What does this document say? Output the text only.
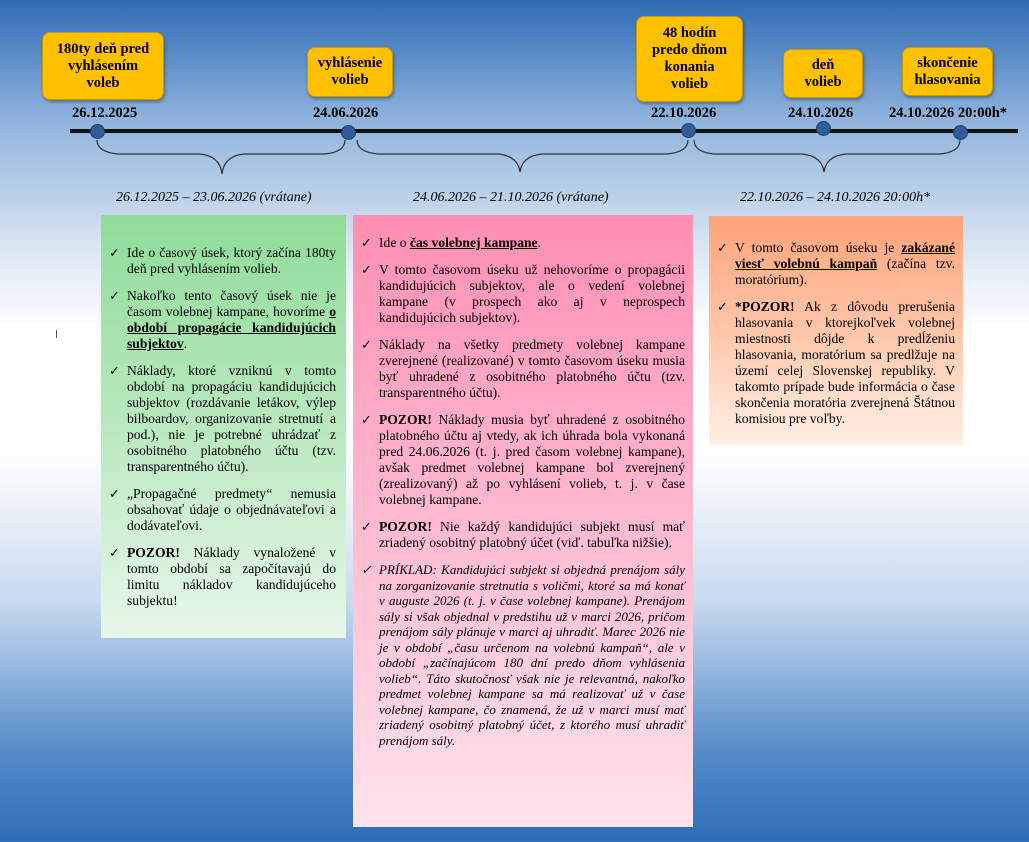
180ty deň pred
vyhlásením
voleb
vyhlásenie
volieb
48 hodín
predo dňom
konania
volieb
deň
volieb
skončenie
hlasovania
26.12.2025	24.06.2026	22.10.2026	24.10.2026 24.10.2026 20:00h*
26.12.2025 – 23.06.2026 (vrátane)	24.06.2026 – 21.10.2026 (vrátane)	22.10.2026 – 24.10.2026 20:00h*
✓ Ide o časový úsek, ktorý začína 180ty deň pred vyhlásením volieb.
✓ Nakoľko tento časový úsek nie je časom volebnej kampane, hovoríme o období propagácie kandidujúcich subjektov.
✓ Náklady, ktoré vzniknú v tomto období na propagáciu kandidujúcich subjektov (rozdávanie letákov, výlep bilboardov, organizovanie stretnutí a pod.), nie je potrebné uhrádzať z osobitného platobného účtu (tzv. transparentného účtu).
✓ „Propagačné predmety“ nemusia obsahovať údaje o objednávateľovi a dodávateľovi.
✓ POZOR! Náklady vynaložené v tomto období sa započítavajú do limitu nákladov kandidujúceho subjektu!
✓ Ide o čas volebnej kampane.
✓ V tomto časovom úseku už nehovoríme o propagácii kandidujúcich subjektov, ale o vedení volebnej kampane (v prospech ako aj v neprospech kandidujúcich subjektov).
✓ Náklady na všetky predmety volebnej kampane zverejnené (realizované) v tomto časovom úseku musia byť uhradené z osobitného platobného účtu (tzv. transparentného účtu).
✓ POZOR! Náklady musia byť uhradené z osobitného platobného účtu aj vtedy, ak ich úhrada bola vykonaná pred 24.06.2026 (t. j. pred časom volebnej kampane), avšak predmet volebnej kampane bol zverejnený (zrealizovaný) až po vyhlásení volieb, t. j. v čase volebnej kampane.
✓ POZOR! Nie každý kandidujúci subjekt musí mať zriadený osobitný platobný účet (viď. tabuľka nižšie).
✓ PRÍKLAD: Kandidujúci subjekt si objedná prenájom sály na zorganizovanie stretnutia s voličmi, ktoré sa má konať v auguste 2026 (t. j. v čase volebnej kampane). Prenájom sály si však objednal v predstihu už v marci 2026, pričom prenájom sály plánuje v marci aj uhradiť. Marec 2026 nie je v období „času určenom na volebnú kampaň“, ale v období „začínajúcom 180 dní predo dňom vyhlásenia volieb“. Táto skutočnosť však nie je relevantná, nakoľko predmet volebnej kampane sa má realizovať už v čase volebnej kampane, čo znamená, že už v marci musí mať zriadený osobitný platobný účet, z ktorého musí uhradiť prenájom sály.
✓ V tomto časovom úseku je zakázané viesť volebnú kampaň (začína tzv. moratórium).
✓ *POZOR! Ak z dôvodu prerušenia hlasovania v ktorejkoľvek volebnej miestnosti dôjde k predĺženiu hlasovania, moratórium sa predlžuje na území celej Slovenskej republiky. V takomto prípade bude informácia o čase skončenia moratória zverejnená Štátnou komisiou pre voľby.
